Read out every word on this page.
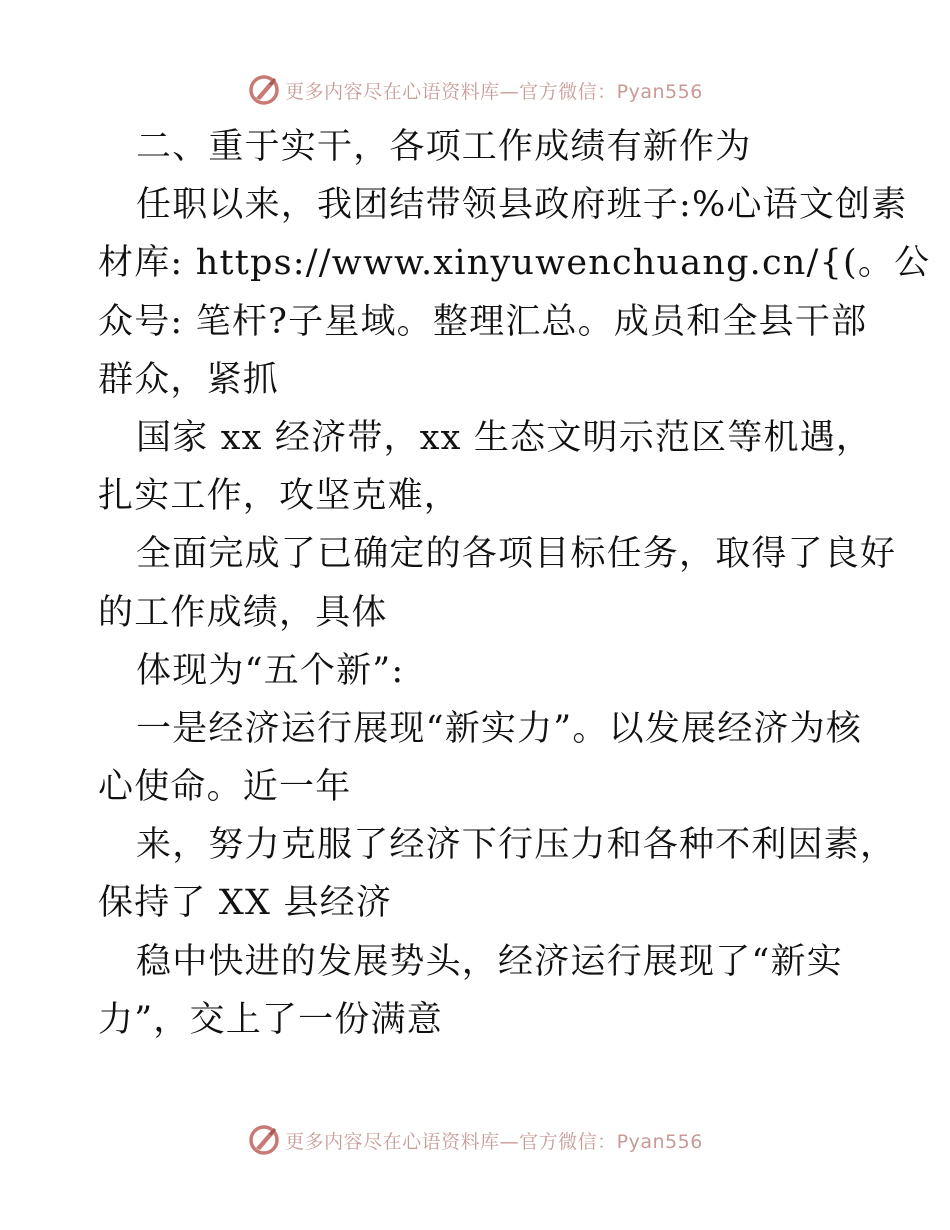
更多内容尽在心语资料库—官方微信：Pyan556
二、重于实干，各项工作成绩有新作为
任职以来，我团结带领县政府班子:%心语文创素
材库: https://www.xinyuwenchuang.cn/{(。公
众号: 笔杆?子星域。整理汇总。成员和全县干部
群众，紧抓
国家 xx 经济带，xx 生态文明示范区等机遇，
扎实工作，攻坚克难，
全面完成了已确定的各项目标任务，取得了良好
的工作成绩，具体
体现为“五个新”:
一是经济运行展现“新实力”。以发展经济为核
心使命。近一年
来，努力克服了经济下行压力和各种不利因素，
保持了 XX 县经济
稳中快进的发展势头，经济运行展现了“新实
力”，交上了一份满意
更多内容尽在心语资料库—官方微信：Pyan556
